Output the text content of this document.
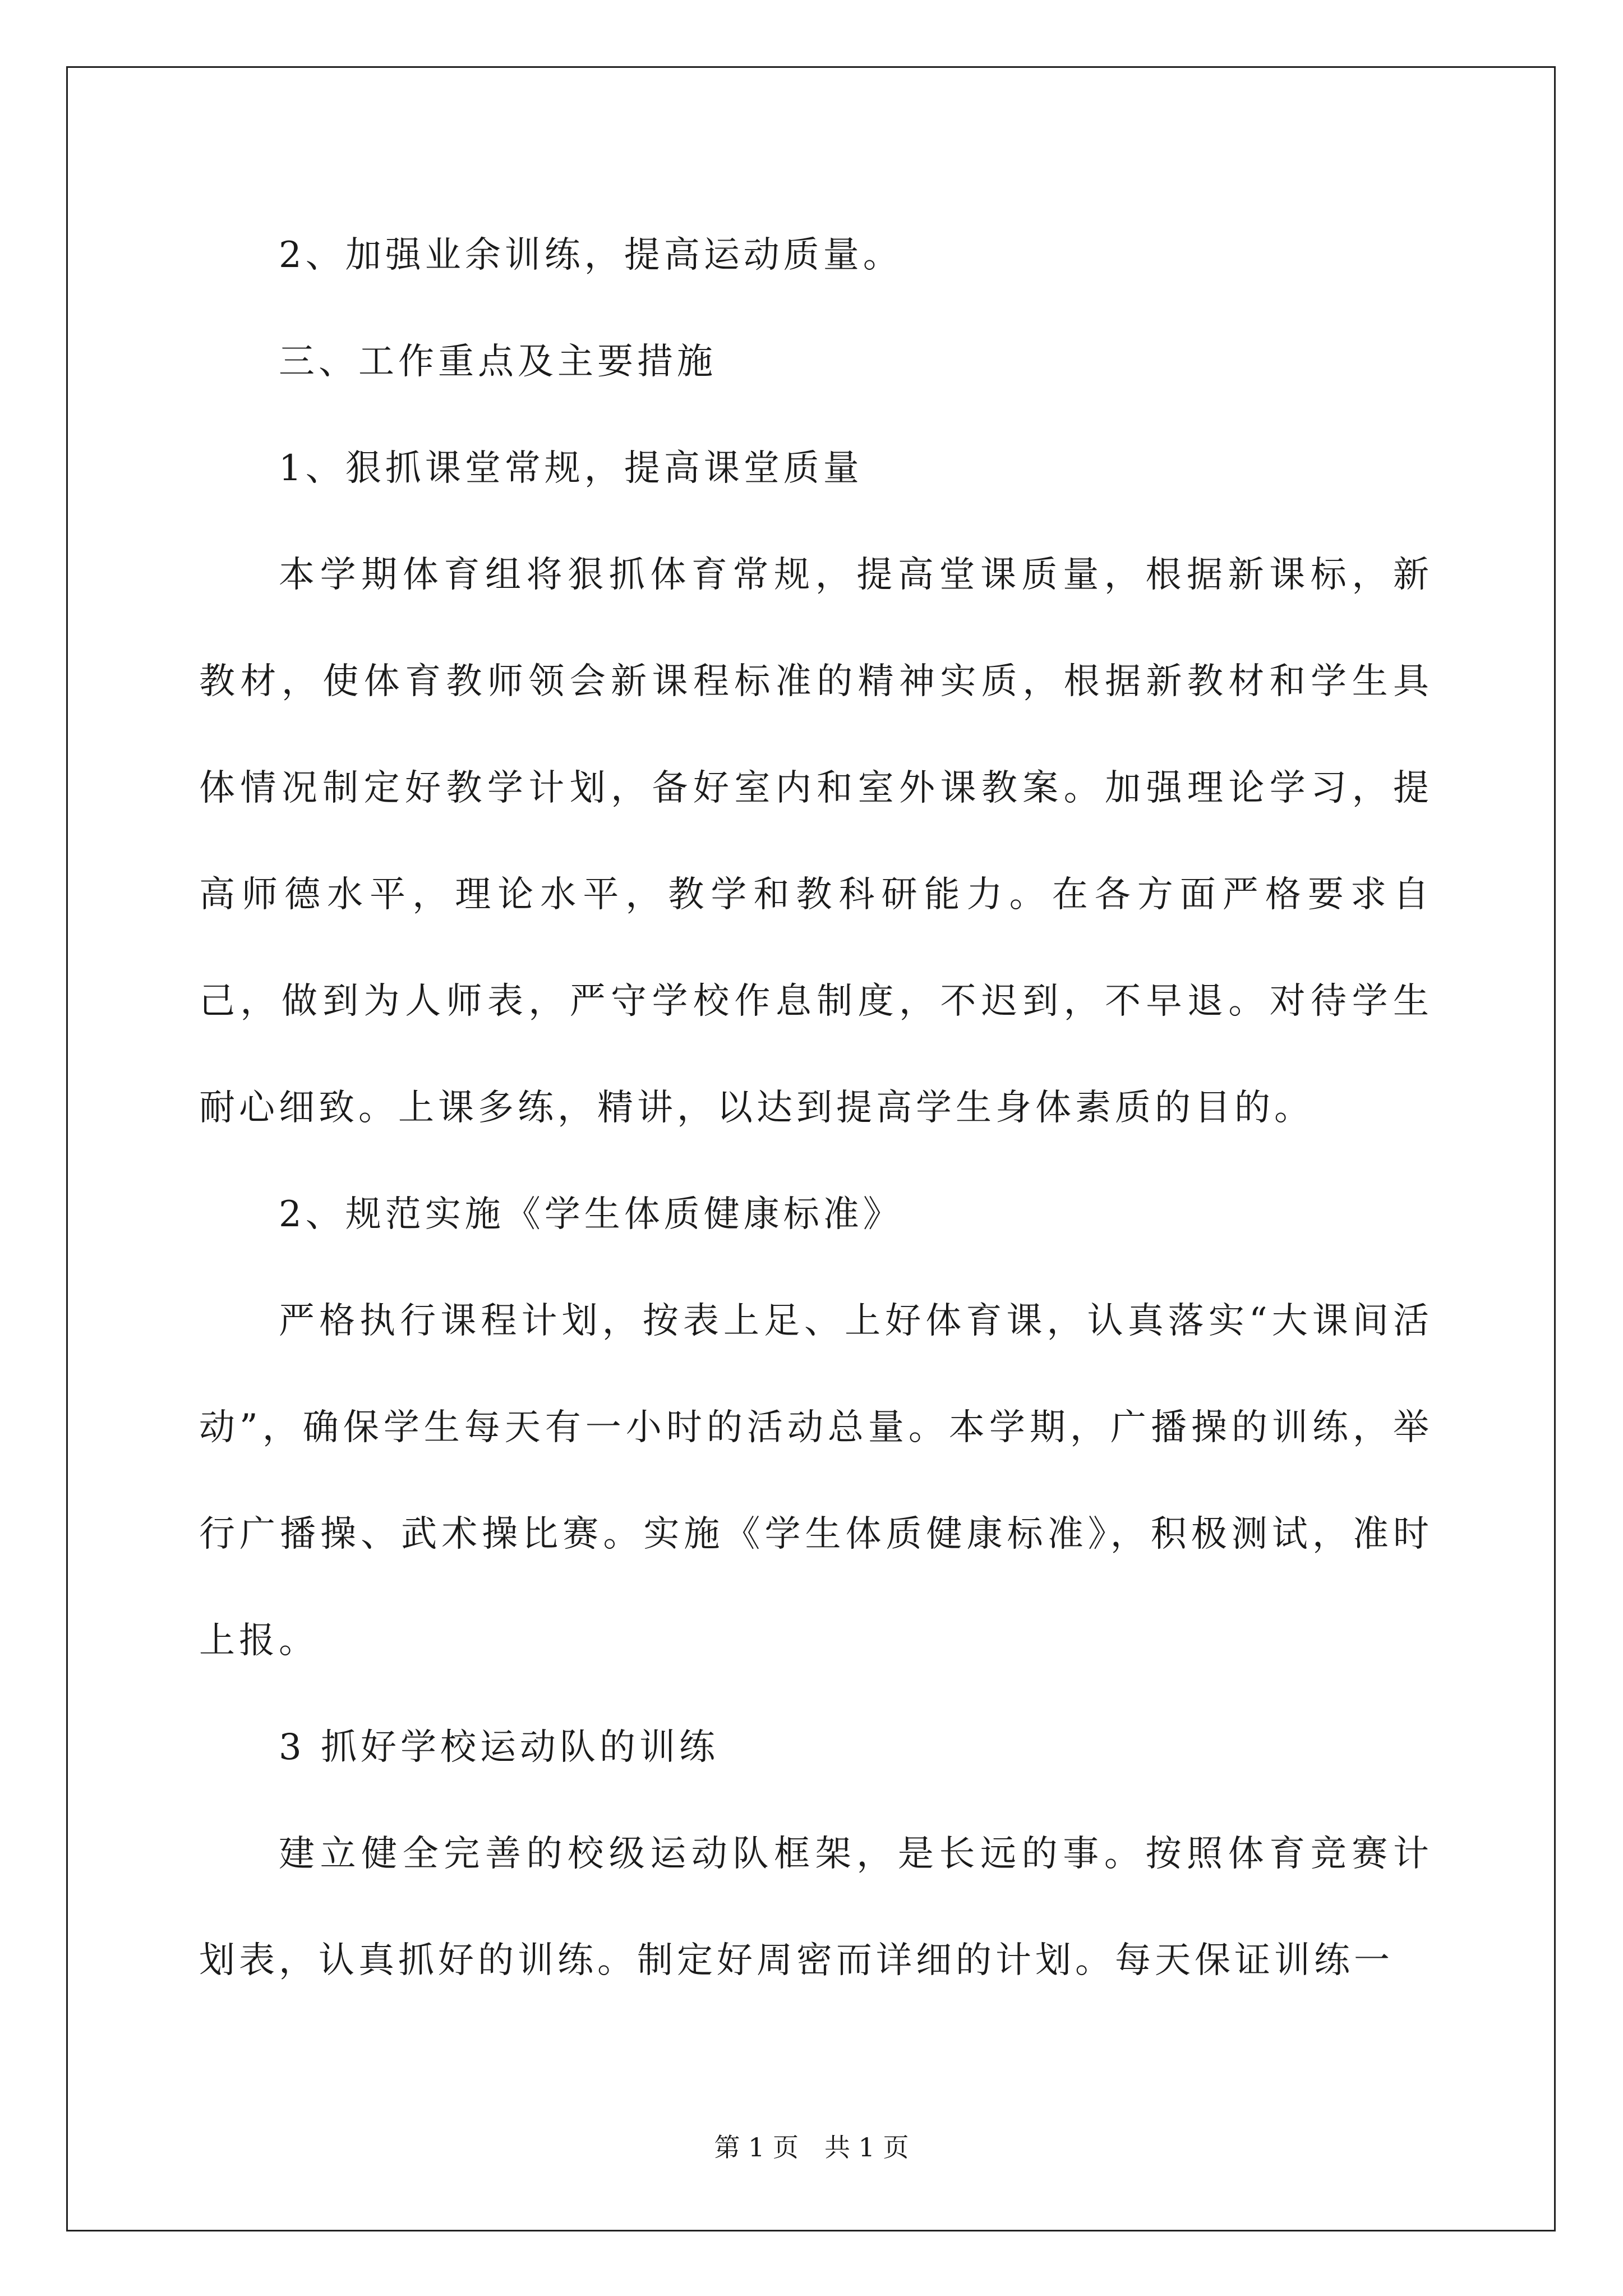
2、加强业余训练，提高运动质量。

三、工作重点及主要措施

1、狠抓课堂常规，提高课堂质量

本学期体育组将狠抓体育常规，提高堂课质量，根据新课标，新教材，使体育教师领会新课程标准的精神实质，根据新教材和学生具体情况制定好教学计划，备好室内和室外课教案。加强理论学习，提高师德水平，理论水平，教学和教科研能力。在各方面严格要求自己，做到为人师表，严守学校作息制度，不迟到，不早退。对待学生耐心细致。上课多练，精讲，以达到提高学生身体素质的目的。

2、规范实施《学生体质健康标准》

严格执行课程计划，按表上足、上好体育课，认真落实“大课间活动”，确保学生每天有一小时的活动总量。本学期，广播操的训练，举行广播操、武术操比赛。实施《学生体质健康标准》，积极测试，准时上报。

3 抓好学校运动队的训练

建立健全完善的校级运动队框架，是长远的事。按照体育竞赛计划表，认真抓好的训练。制定好周密而详细的计划。每天保证训练一

第 1 页 共 1 页
